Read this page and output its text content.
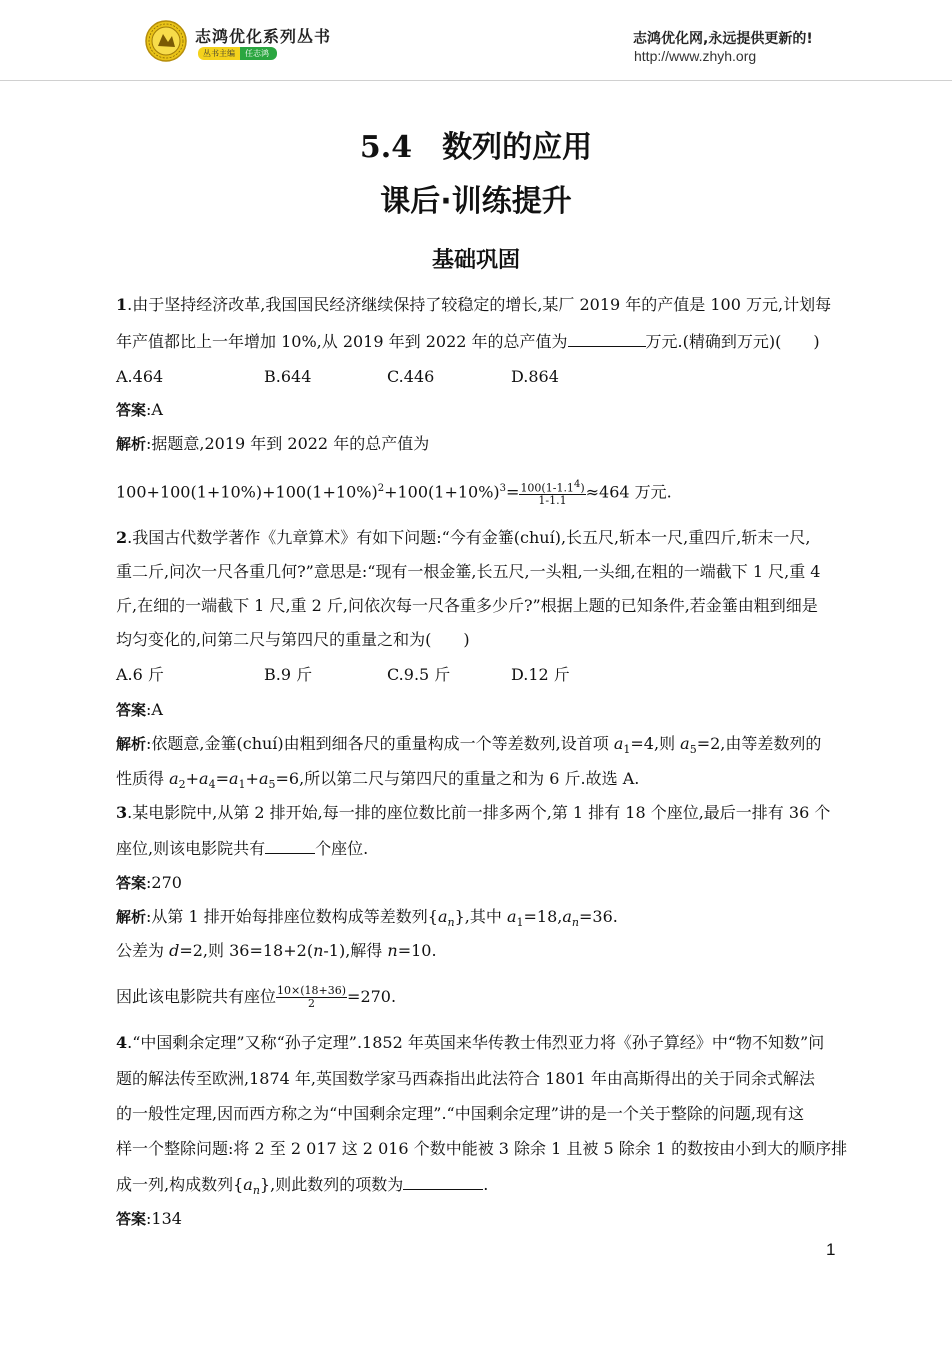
志鸿优化系列丛书
丛书主编	任志鸿
志鸿优化网,永远提供更新的!
http://www.zhyh.org
5.4　数列的应用
课后·训练提升
基础巩固
1.由于坚持经济改革,我国国民经济继续保持了较稳定的增长,某厂 2019 年的产值是 100 万元,计划每
年产值都比上一年增加 10%,从 2019 年到 2022 年的总产值为	万元.(精确到万元)(　　)
A.464	B.644	C.446	D.864
答案:A
解析:据题意,2019 年到 2022 年的总产值为
$100+100(1+10\%)+100(1+10\%)^2+100(1+10\%)^3= \frac{100(1-1.1^4)}{1-1.1} \approx 464$ 万元.
2.我国古代数学著作《九章算术》有如下问题:“今有金箠(chuí),长五尺,斩本一尺,重四斤,斩末一尺,
重二斤,问次一尺各重几何?”意思是:“现有一根金箠,长五尺,一头粗,一头细,在粗的一端截下 1 尺,重 4
斤,在细的一端截下 1 尺,重 2 斤,问依次每一尺各重多少斤?”根据上题的已知条件,若金箠由粗到细是
均匀变化的,问第二尺与第四尺的重量之和为(　　)
A.6 斤	B.9 斤	C.9.5 斤	D.12 斤
答案:A
解析:依题意,金箠(chuí)由粗到细各尺的重量构成一个等差数列,设首项 $a_1=4$,则 $a_5=2$,由等差数列的
性质得 $a_2+a_4=a_1+a_5=6$,所以第二尺与第四尺的重量之和为 6 斤.故选 A.
3.某电影院中,从第 2 排开始,每一排的座位数比前一排多两个,第 1 排有 18 个座位,最后一排有 36 个
座位,则该电影院共有	个座位.
答案:270
解析:从第 1 排开始每排座位数构成等差数列$\{a_n\}$,其中 $a_1=18,a_n=36$.
公差为 d=2,则 36=18+2(n-1),解得 n=10.
因此该电影院共有座位 $\frac{10\times(18+36)}{2} =270$.
4.“中国剩余定理”又称“孙子定理”.1852 年英国来华传教士伟烈亚力将《孙子算经》中“物不知数”问
题的解法传至欧洲,1874 年,英国数学家马西森指出此法符合 1801 年由高斯得出的关于同余式解法
的一般性定理,因而西方称之为“中国剩余定理”.“中国剩余定理”讲的是一个关于整除的问题,现有这
样一个整除问题:将 2 至 2 017 这 2 016 个数中能被 3 除余 1 且被 5 除余 1 的数按由小到大的顺序排
成一列,构成数列$\{a_n\}$,则此数列的项数为	.
答案:134
1
